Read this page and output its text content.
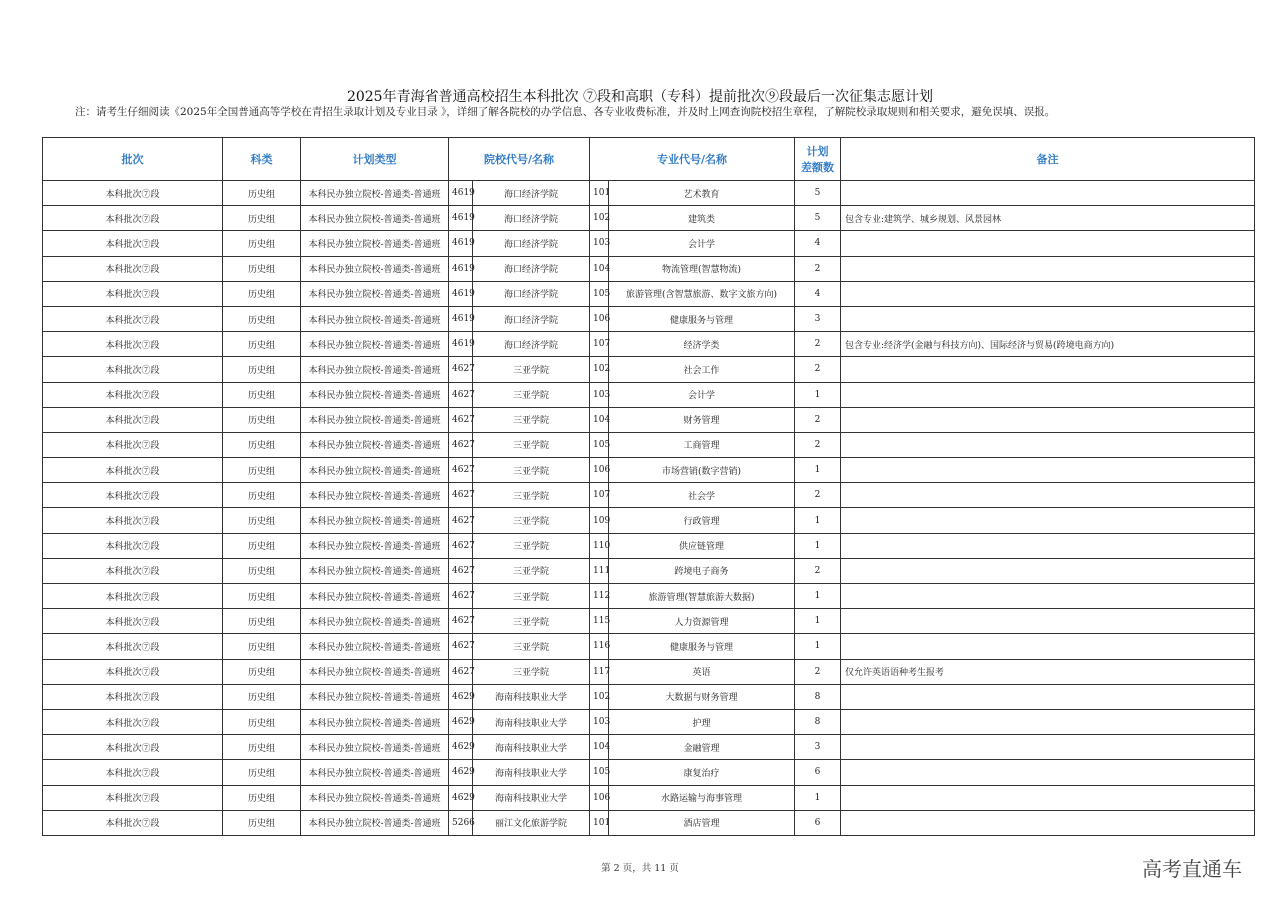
2025年青海省普通高校招生本科批次 ⑦段和高职（专科）提前批次⑨段最后一次征集志愿计划
注：请考生仔细阅读《2025年全国普通高等学校在青招生录取计划及专业目录 》，详细了解各院校的办学信息、各专业收费标准，并及时上网查询院校招生章程，了解院校录取规则和相关要求，避免误填、误报。
批次	科类	计划类型	院校代号/名称		专业代号/名称		计划
差额数	备注
本科批次⑦段	历史组	本科民办独立院校-普通类-普通班	4619	海口经济学院	101	艺术教育	5	
本科批次⑦段	历史组	本科民办独立院校-普通类-普通班	4619	海口经济学院	102	建筑类	5	包含专业:建筑学、城乡规划、风景园林
本科批次⑦段	历史组	本科民办独立院校-普通类-普通班	4619	海口经济学院	103	会计学	4	
本科批次⑦段	历史组	本科民办独立院校-普通类-普通班	4619	海口经济学院	104	物流管理(智慧物流)	2	
本科批次⑦段	历史组	本科民办独立院校-普通类-普通班	4619	海口经济学院	105	旅游管理(含智慧旅游、数字文旅方向)	4	
本科批次⑦段	历史组	本科民办独立院校-普通类-普通班	4619	海口经济学院	106	健康服务与管理	3	
本科批次⑦段	历史组	本科民办独立院校-普通类-普通班	4619	海口经济学院	107	经济学类	2	包含专业:经济学(金融与科技方向)、国际经济与贸易(跨境电商方向)
本科批次⑦段	历史组	本科民办独立院校-普通类-普通班	4627	三亚学院	102	社会工作	2	
本科批次⑦段	历史组	本科民办独立院校-普通类-普通班	4627	三亚学院	103	会计学	1	
本科批次⑦段	历史组	本科民办独立院校-普通类-普通班	4627	三亚学院	104	财务管理	2	
本科批次⑦段	历史组	本科民办独立院校-普通类-普通班	4627	三亚学院	105	工商管理	2	
本科批次⑦段	历史组	本科民办独立院校-普通类-普通班	4627	三亚学院	106	市场营销(数字营销)	1	
本科批次⑦段	历史组	本科民办独立院校-普通类-普通班	4627	三亚学院	107	社会学	2	
本科批次⑦段	历史组	本科民办独立院校-普通类-普通班	4627	三亚学院	109	行政管理	1	
本科批次⑦段	历史组	本科民办独立院校-普通类-普通班	4627	三亚学院	110	供应链管理	1	
本科批次⑦段	历史组	本科民办独立院校-普通类-普通班	4627	三亚学院	111	跨境电子商务	2	
本科批次⑦段	历史组	本科民办独立院校-普通类-普通班	4627	三亚学院	112	旅游管理(智慧旅游大数据)	1	
本科批次⑦段	历史组	本科民办独立院校-普通类-普通班	4627	三亚学院	115	人力资源管理	1	
本科批次⑦段	历史组	本科民办独立院校-普通类-普通班	4627	三亚学院	116	健康服务与管理	1	
本科批次⑦段	历史组	本科民办独立院校-普通类-普通班	4627	三亚学院	117	英语	2	仅允许英语语种考生报考
本科批次⑦段	历史组	本科民办独立院校-普通类-普通班	4629	海南科技职业大学	102	大数据与财务管理	8	
本科批次⑦段	历史组	本科民办独立院校-普通类-普通班	4629	海南科技职业大学	103	护理	8	
本科批次⑦段	历史组	本科民办独立院校-普通类-普通班	4629	海南科技职业大学	104	金融管理	3	
本科批次⑦段	历史组	本科民办独立院校-普通类-普通班	4629	海南科技职业大学	105	康复治疗	6	
本科批次⑦段	历史组	本科民办独立院校-普通类-普通班	4629	海南科技职业大学	106	水路运输与海事管理	1	
本科批次⑦段	历史组	本科民办独立院校-普通类-普通班	5266	丽江文化旅游学院	101	酒店管理	6	
第 2 页，共 11 页	高考直通车
